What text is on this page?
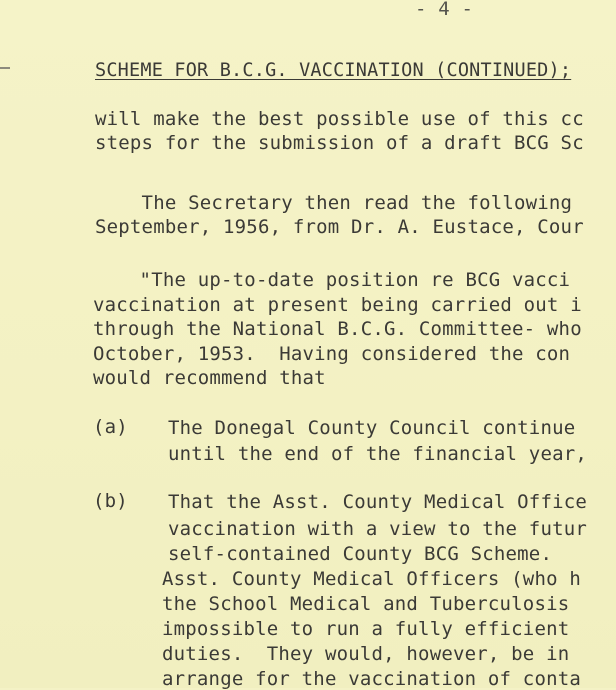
- 4 -
SCHEME FOR B.C.G. VACCINATION (CONTINUED);
will make the best possible use of this cc
steps for the submission of a draft BCG Sc
The Secretary then read the following
September, 1956, from Dr. A. Eustace, Cour
"The up-to-date position re BCG vacci
vaccination at present being carried out i
through the National B.C.G. Committee- who
October, 1953.  Having considered the con
would recommend that
(a) The Donegal County Council continue
until the end of the financial year,
(b) That the Asst. County Medical Office
vaccination with a view to the futur
self-contained County BCG Scheme.
Asst. County Medical Officers (who h
the School Medical and Tuberculosis
impossible to run a fully efficient
duties.  They would, however, be in
arrange for the vaccination of conta
